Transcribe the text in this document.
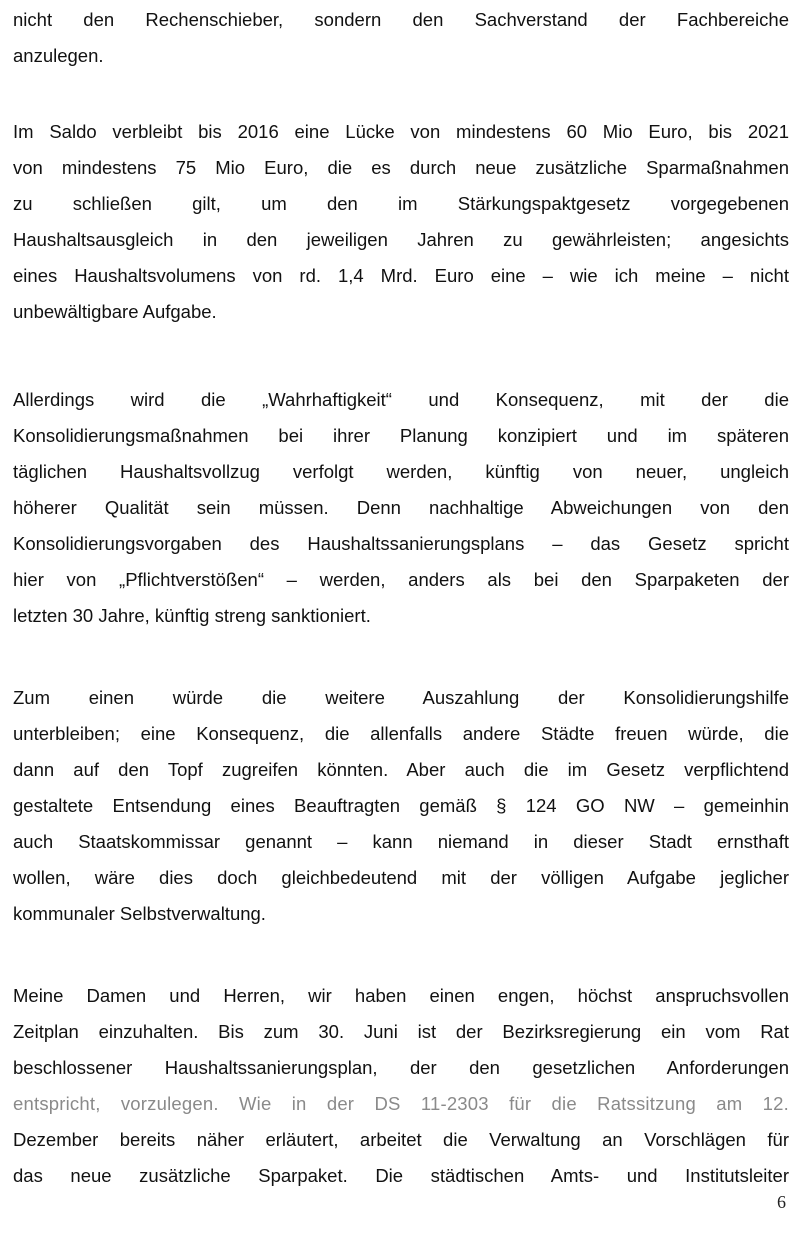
nicht den Rechenschieber, sondern den Sachverstand der Fachbereiche
anzulegen.
Im Saldo verbleibt bis 2016 eine Lücke von mindestens 60 Mio Euro, bis 2021
von mindestens 75 Mio Euro, die es durch neue zusätzliche Sparmaßnahmen
zu schließen gilt, um den im Stärkungspaktgesetz vorgegebenen
Haushaltsausgleich in den jeweiligen Jahren zu gewährleisten; angesichts
eines Haushaltsvolumens von rd. 1,4 Mrd. Euro eine – wie ich meine – nicht
unbewältigbare Aufgabe.
Allerdings wird die „Wahrhaftigkeit“ und Konsequenz, mit der die
Konsolidierungsmaßnahmen bei ihrer Planung konzipiert und im späteren
täglichen Haushaltsvollzug verfolgt werden, künftig von neuer, ungleich
höherer Qualität sein müssen. Denn nachhaltige Abweichungen von den
Konsolidierungsvorgaben des Haushaltssanierungsplans – das Gesetz spricht
hier von „Pflichtverstößen“ – werden, anders als bei den Sparpaketen der
letzten 30 Jahre, künftig streng sanktioniert.
Zum einen würde die weitere Auszahlung der Konsolidierungshilfe
unterbleiben; eine Konsequenz, die allenfalls andere Städte freuen würde, die
dann auf den Topf zugreifen könnten. Aber auch die im Gesetz verpflichtend
gestaltete Entsendung eines Beauftragten gemäß § 124 GO NW – gemeinhin
auch Staatskommissar genannt – kann niemand in dieser Stadt ernsthaft
wollen, wäre dies doch gleichbedeutend mit der völligen Aufgabe jeglicher
kommunaler Selbstverwaltung.
Meine Damen und Herren, wir haben einen engen, höchst anspruchsvollen
Zeitplan einzuhalten. Bis zum 30. Juni ist der Bezirksregierung ein vom Rat
beschlossener Haushaltssanierungsplan, der den gesetzlichen Anforderungen
entspricht, vorzulegen. Wie in der DS 11-2303 für die Ratssitzung am 12.
Dezember bereits näher erläutert, arbeitet die Verwaltung an Vorschlägen für
das neue zusätzliche Sparpaket. Die städtischen Amts- und Institutsleiter

6
